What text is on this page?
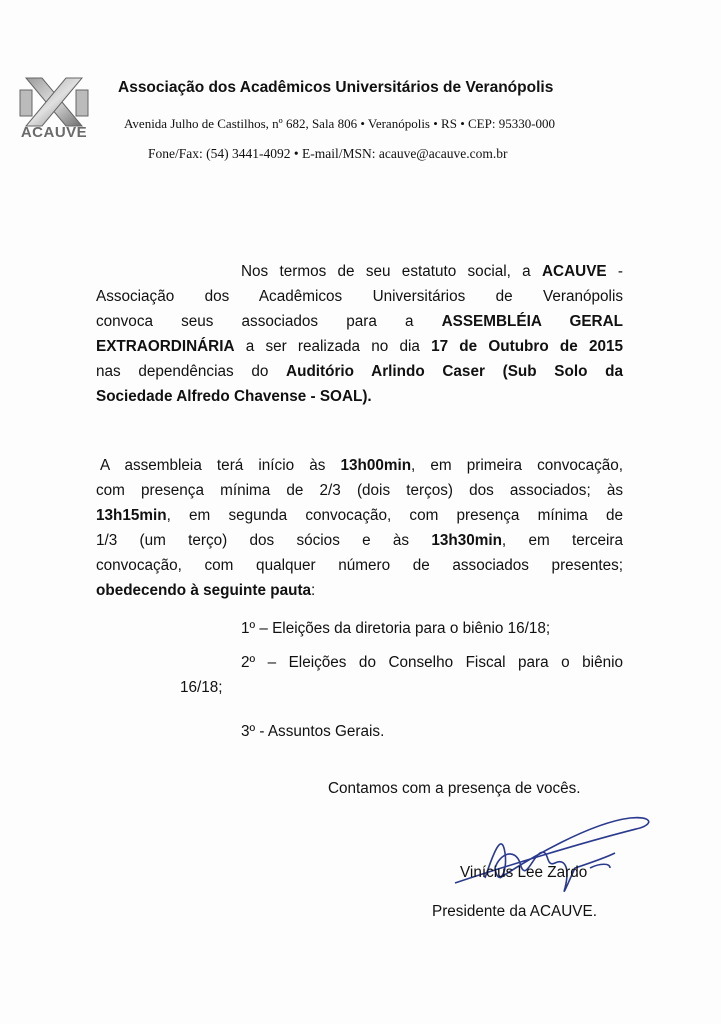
ACAUVE
Associação dos Acadêmicos Universitários de Veranópolis
Avenida Julho de Castilhos, nº 682, Sala 806 • Veranópolis • RS • CEP: 95330-000
Fone/Fax: (54) 3441-4092 • E-mail/MSN: acauve@acauve.com.br
Nos termos de seu estatuto social, a ACAUVE -
Associação dos Acadêmicos Universitários de Veranópolis
convoca seus associados para a ASSEMBLÉIA GERAL
EXTRAORDINÁRIA a ser realizada no dia 17 de Outubro de 2015
nas dependências do Auditório Arlindo Caser (Sub Solo da
Sociedade Alfredo Chavense - SOAL).
A assembleia terá início às 13h00min, em primeira convocação,
com presença mínima de 2/3 (dois terços) dos associados; às
13h15min, em segunda convocação, com presença mínima de
1/3 (um terço) dos sócios e às 13h30min, em terceira
convocação, com qualquer número de associados presentes;
obedecendo à seguinte pauta:
1º – Eleições da diretoria para o biênio 16/18;
2º – Eleições do Conselho Fiscal para o biênio
16/18;
3º - Assuntos Gerais.
Contamos com a presença de vocês.
Vinícius Lee Zardo
Presidente da ACAUVE.
